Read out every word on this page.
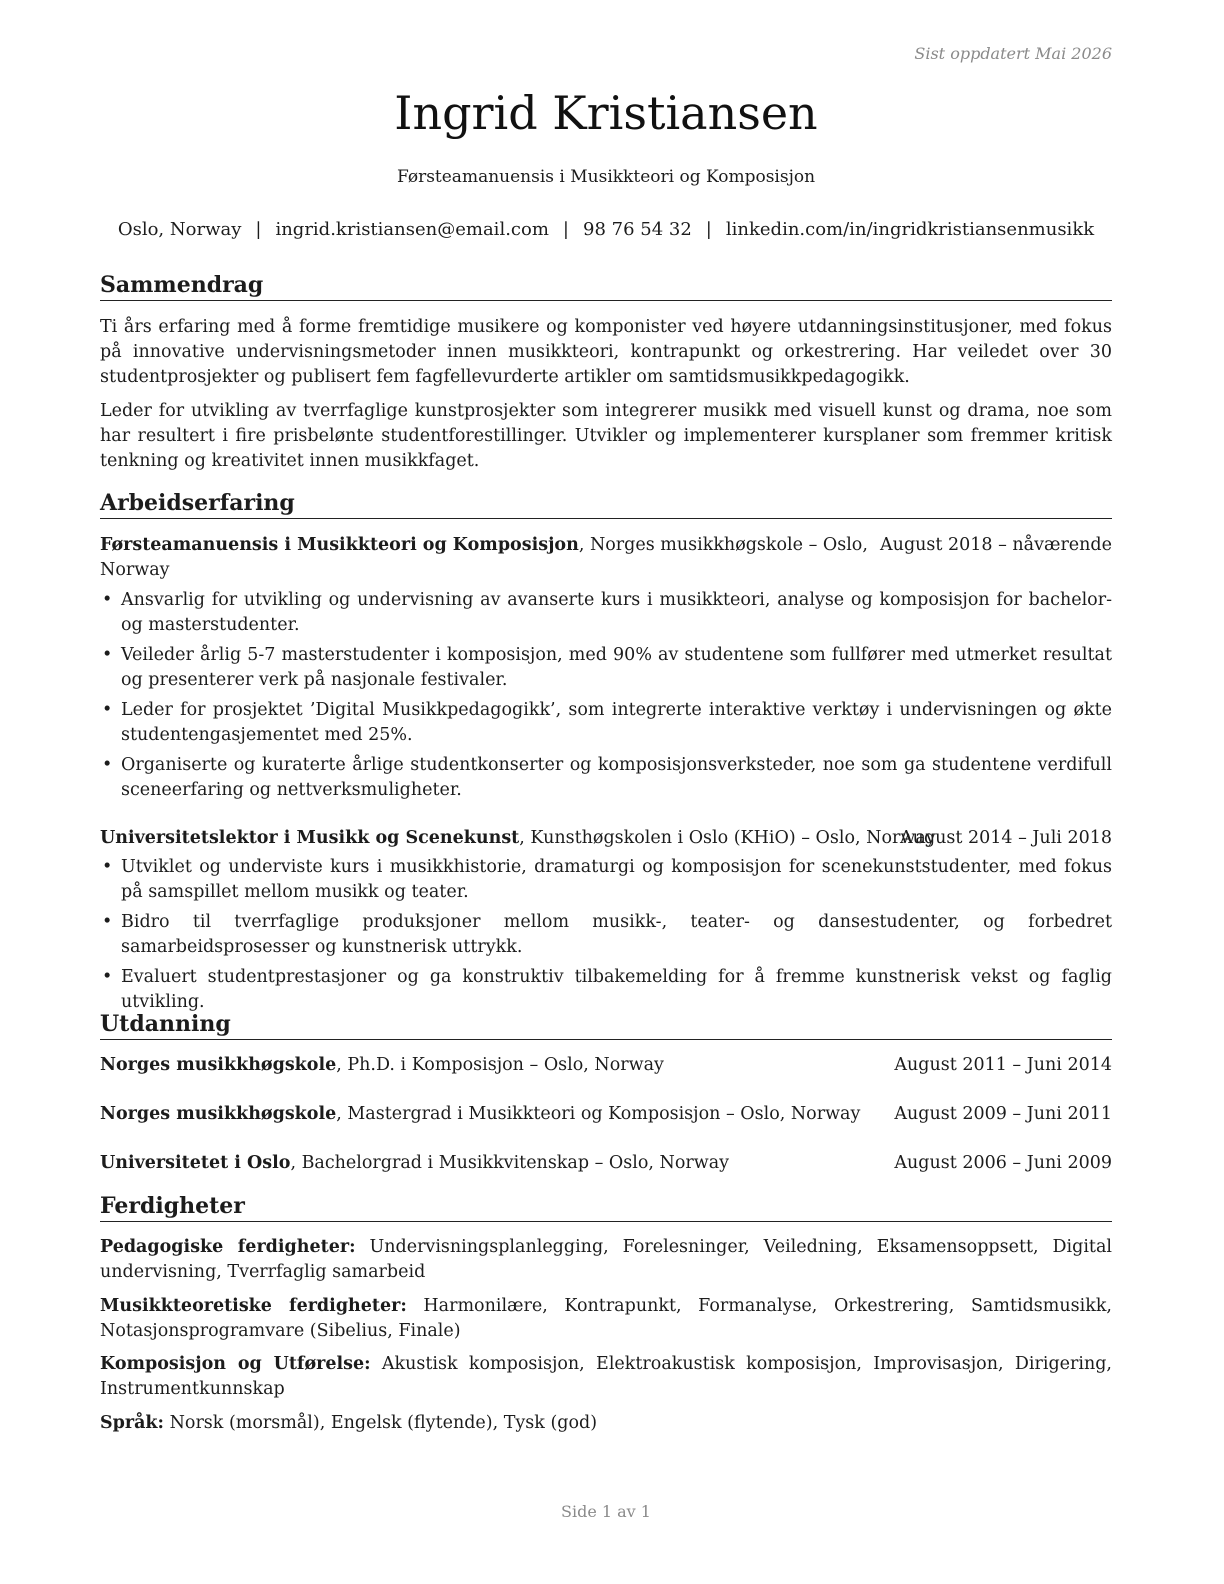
Sist oppdatert Mai 2026
Ingrid Kristiansen
Førsteamanuensis i Musikkteori og Komposisjon
Oslo, Norway | ingrid.kristiansen@email.com | 98 76 54 32 | linkedin.com/in/ingridkristiansenmusikk
Sammendrag
Ti års erfaring med å forme fremtidige musikere og komponister ved høyere utdanningsinstitusjoner, med fokus på innovative undervisningsmetoder innen musikkteori, kontrapunkt og orkestrering. Har veiledet over 30 studentprosjekter og publisert fem fagfellevurderte artikler om samtidsmusikkpedagogikk.
Leder for utvikling av tverrfaglige kunstprosjekter som integrerer musikk med visuell kunst og drama, noe som har resultert i fire prisbelønte studentforestillinger. Utvikler og implementerer kursplaner som fremmer kritisk tenkning og kreativitet innen musikkfaget.
Arbeidserfaring
Førsteamanuensis i Musikkteori og Komposisjon, Norges musikkhøgskole – Oslo, Norway
August 2018 – nåværende
• Ansvarlig for utvikling og undervisning av avanserte kurs i musikkteori, analyse og komposisjon for bachelor- og masterstudenter.
• Veileder årlig 5-7 masterstudenter i komposisjon, med 90% av studentene som fullfører med utmerket resultat og presenterer verk på nasjonale festivaler.
• Leder for prosjektet ’Digital Musikkpedagogikk’, som integrerte interaktive verktøy i undervisningen og økte studentengasjementet med 25%.
• Organiserte og kuraterte årlige studentkonserter og komposisjonsverksteder, noe som ga studentene verdifull sceneerfaring og nettverksmuligheter.
Universitetslektor i Musikk og Scenekunst, Kunsthøgskolen i Oslo (KHiO) – Oslo, Norway
August 2014 – Juli 2018
• Utviklet og underviste kurs i musikkhistorie, dramaturgi og komposisjon for scenekunststudenter, med fokus på samspillet mellom musikk og teater.
• Bidro til tverrfaglige produksjoner mellom musikk-, teater- og dansestudenter, og forbedret samarbeidsprosesser og kunstnerisk uttrykk.
• Evaluert studentprestasjoner og ga konstruktiv tilbakemelding for å fremme kunstnerisk vekst og faglig utvikling.
Utdanning
Norges musikkhøgskole, Ph.D. i Komposisjon – Oslo, Norway	August 2011 – Juni 2014
Norges musikkhøgskole, Mastergrad i Musikkteori og Komposisjon – Oslo, Norway August 2009 – Juni 2011
Universitetet i Oslo, Bachelorgrad i Musikkvitenskap – Oslo, Norway	August 2006 – Juni 2009
Ferdigheter
Pedagogiske ferdigheter: Undervisningsplanlegging, Forelesninger, Veiledning, Eksamensoppsett, Digital undervisning, Tverrfaglig samarbeid
Musikkteoretiske ferdigheter: Harmonilære, Kontrapunkt, Formanalyse, Orkestrering, Samtidsmusikk, Notasjonsprogramvare (Sibelius, Finale)
Komposisjon og Utførelse: Akustisk komposisjon, Elektroakustisk komposisjon, Improvisasjon, Dirigering, Instrumentkunnskap
Språk: Norsk (morsmål), Engelsk (flytende), Tysk (god)
Side 1 av 1
